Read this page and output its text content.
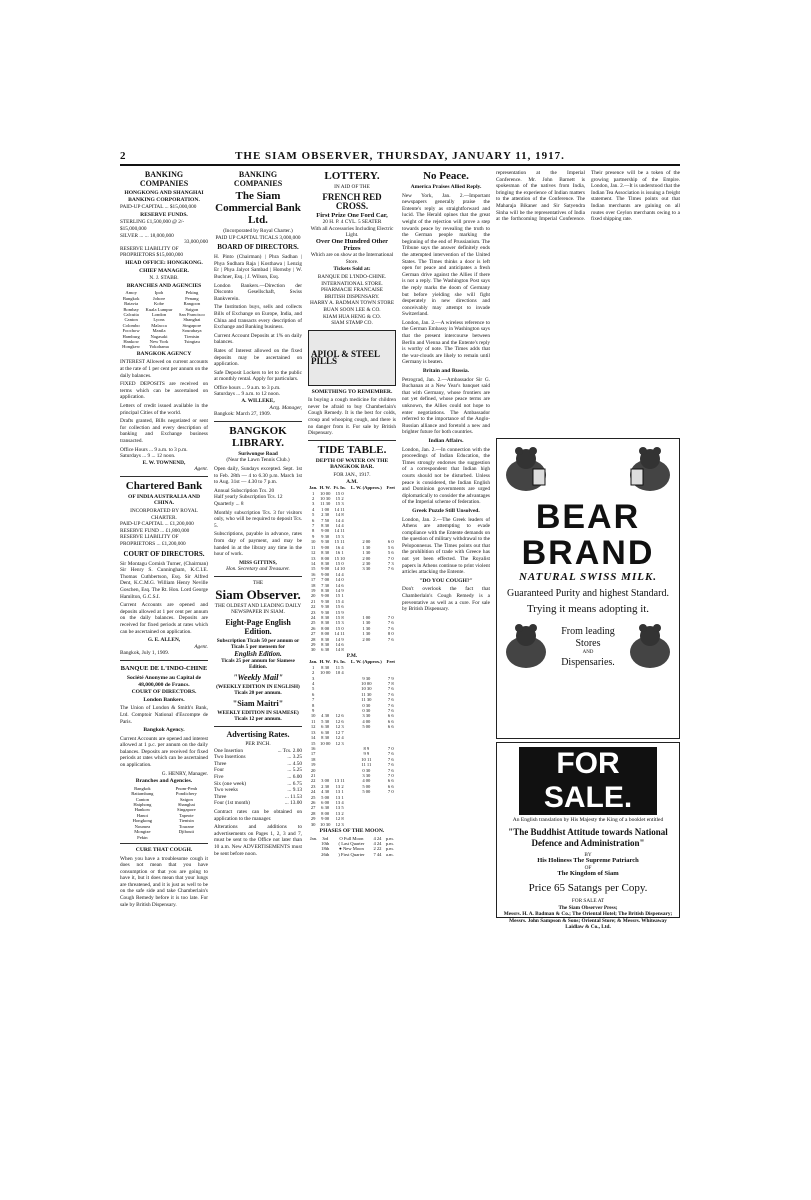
2	THE SIAM OBSERVER, THURSDAY, JANUARY 11, 1917.
BANKING COMPANIES
HONGKONG AND SHANGHAI BANKING CORPORATION.
PAID-UP CAPITAL ... $15,000,000
RESERVE FUNDS.
STERLING £1,500,000 @ 2/- $15,000,000
SILVER ... ... 18,000,000
33,000,000
RESERVE LIABILITY OF PROPRIETORS $15,000,000
HEAD OFFICE: HONGKONG.
CHIEF MANAGER.
N. J. STABB.
BRANCHES AND AGENCIES
Amoy	Ipoh	Peking
Bangkok	Johore	Penang
Batavia	Kobe	Rangoon
Bombay	Kuala Lumpur	Saigon
Calcutta	London	San Francisco
Canton	Lyons	Shanghai
Colombo	Malacca	Singapore
Foochow	Manila	Sourabaya
Hamburg	Nagasaki	Tientsin
Hankow	New York	Tsingtau
Hongkew	Yokohama	
BANGKOK AGENCY
INTEREST Allowed on current accounts at the rate of 1 per cent per annum on the daily balances.
FIXED DEPOSITS are received on terms which can be ascertained on application.
Letters of credit issued available in the principal Cities of the world.
Drafts granted, Bills negotiated or sent for collection and every description of banking and Exchange business transacted.
Office Hours ... 9 a.m. to 3 p.m.
Saturdays ... 9 ... 12 noon.
E. W. TOWNEND,
Agent.
Chartered Bank
OF INDIA AUSTRALIA AND CHINA.
INCORPORATED BY ROYAL CHARTER.
PAID-UP CAPITAL ... £1,200,000
RESERVE FUND ... £1,800,000
RESERVE LIABILITY OF PROPRIETORS ... £1,200,000
COURT OF DIRECTORS.
Sir Montagu Cornish Turner, (Chairman) Sir Henry S. Cunningham, K.C.I.E. Thomas Cuthbertson, Esq. Sir Alfred Dent, K.C.M.G. William Henry Neville Goschen, Esq. The Rt. Hon. Lord George Hamilton, G.C.S.I.
Current Accounts are opened and deposits allowed at 1 per cent per annum on the daily balances. Deposits are received for fixed periods at rates which can be ascertained on application.
G. E. ALLEN,
Agent.
Bangkok, July 1, 1909.
BANQUE DE L'INDO-CHINE
Société Anonyme au Capital de 48,000,000 de Francs.
COURT OF DIRECTORS.
London Bankers.
The Union of London & Smith's Bank, Ltd. Comptoir National d'Escompte de Paris.
Bangkok Agency.
Current Accounts are opened and interest allowed at 1 p.c. per annum on the daily balances. Deposits are received for fixed periods at rates which can be ascertained on application.
G. HENRY, Manager.
Branches and Agencies.
Bangkok	Pnom-Penh
Battambang	Pondichery
Canton	Saigon
Haiphong	Shanghai
Hankow	Singapore
Hanoi	Tapeote
Hongkong	Tientsin
Noumea	Tourane
Mongtze	Djibouti
Pekin	
CURE THAT COUGH.
When you have a troublesome cough it does not mean that you have consumption or that you are going to have it, but it does mean that your lungs are threatened, and it is just as well to be on the safe side and take Chamberlain's Cough Remedy before it is too late. For sale by British Dispensary.
BANKING COMPANIES
The Siam Commercial Bank Ltd.
(Incorporated by Royal Charter.)
PAID UP CAPITAL TICALS 3,000,000
BOARD OF DIRECTORS.
H. Pinto (Chairman) | Phra Sadhan | Phya Sudhara Raja | Kosthawa | Lenzig Er | Phya Jalyot Sambad | Hornsby | W. Buchner, Esq. | J. Wilson, Esq.
London Bankers.—Direction der Disconto Gesellschaft, Swiss Bankverein.
The Institution buys, sells and collects Bills of Exchange on Europe, India, and China and transacts every description of Exchange and Banking business.
Current Account Deposits at 1% on daily balances.
Rates of Interest allowed on the fixed deposits may be ascertained on application.
Safe Deposit Lockers to let to the public at monthly rental. Apply for particulars.
Office hours ... 9 a.m. to 3 p.m.
Saturdays ... 9 a.m. to 12 noon.
A. WILLEKE,
Actg. Manager,
Bangkok: March 27, 1909.
BANGKOK LIBRARY.
Suriwongse Road
(Near the Lawn Tennis Club.)
Open daily, Sundays excepted. Sept. 1st to Feb. 28th — 4 to 6.30 p.m. March 1st to Aug. 31st — 4.30 to 7 p.m.
Annual Subscription Tcs. 20
Half yearly Subscription Tcs. 12
Quarterly ... 8
Monthly subscription Tcs. 3 for visitors only, who will be required to deposit Tcs. 5.
Subscriptions, payable in advance, rates from day of payment, and may be handed in at the library any time in the hour of work.
MISS GITTINS,
Hon. Secretary and Treasurer.
THE
Siam Observer.
THE OLDEST AND LEADING DAILY NEWSPAPER IN SIAM.
Eight-Page English Edition.
Subscription Ticals 50 per annum or Ticals 5 per mensem for
English Edition.
Ticals 25 per annum for Siamese Edition.
"Weekly Mail"
(WEEKLY EDITION IN ENGLISH)
Ticals 20 per annum.
"Siam Maitri"
WEEKLY EDITION IN SIAMESE)
Ticals 12 per annum.
Advertising Rates.
PER INCH.
One Insertion	... Tcs. 2.00
Two Insertions	... 3.25
Three	... 4.50
Four	... 5.25
Five	... 6.00
Six (one week)	... 6.75
Two weeks	... 9.13
Three	... 11.53
Four (1st month)	... 13.00
Contract rates can be obtained on application to the manager.
Alterations and additions to advertisements on Pages 1, 2, 3 and 7, must be sent to the Office not later than 10 a.m. New ADVERTISEMENTS must be sent before noon.
LOTTERY.
IN AID OF THE
FRENCH RED CROSS.
First Prize One Ford Car,
20 H. P. 4 CYL. 5 SEATER
With all Accessories Including Electric Light.
Over One Hundred Other Prizes
Which are on show at the International Store.
Tickets Sold at:
BANQUE DE L'INDO-CHINE.
INTERNATIONAL STORE.
PHARMACIE FRANCAISE
BRITISH DISPENSARY.
HARRY A. BADMAN TOWN STORE
BUAN SOON LEE & CO.
KIAM HUA HENG & CO.
SIAM STAMP CO.
APIOL & STEEL PILLS
SOMETHING TO REMEMBER.
In buying a cough medicine for children never be afraid to buy Chamberlain's Cough Remedy. It is the best for colds, croup and whooping cough, and there is no danger from it. For sale by British Dispensary.
TIDE TABLE.
DEPTH OF WATER ON THE BANGKOK BAR.
FOR JAN., 1917.
A.M.
Jan.	H. W.	Ft. In.	L. W. (Approx.)	Feet
1	10 00	15 0		
2	10 30	15 2		
3	11 30	15 3		
4	1 00	14 11		
5	2 30	14 8		
6	7 50	14 4		
7	8 30	14 4		
8	9 00	14 11		
9	9 30	15 3		
10	9 30	15 11	2 00	6 0
11	9 00	16 4	1 30	5 6
12	8 30	16 1	1 30	5 6
13	8 00	15 10	2 00	7 0
14	8 30	15 0	2 30	7 3
15	9 00	14 10	3 30	7 6
16	9 00	14 4		
17	7 00	14 0		
18	7 30	14 6		
19	8 30	14 9		
20	9 00	15 1		
21	9 30	15 4		
22	9 30	15 6		
23	9 30	15 9		
24	8 30	15 8	1 00	7 0
25	8 30	15 3	1 30	7 6
26	8 00	15 0	1 30	7 6
27	8 00	14 11	1 30	8 0
28	8 30	14 9	2 00	7 6
29	8 30	14 6		
30	6 30	14 8		
P.M.
Jan.	H. W.	Ft. In.	L. W. (Approx.)	Feet
1	8 30	11 5		
2	10 00	10 4		
3			9 30	7 9
4			10 00	7 8
5			10 30	7 6
6			11 30	7 6
7			11 30	7 6
8			0 30	7 6
9			0 30	7 6
10	4 30	12 6	3 30	6 6
11	5 30	12 6	4 00	6 6
12	6 30	12 3	5 00	6 6
13	6 30	12 7		
14	8 30	12 4		
15	10 00	12 3		
16			8 9	7 0
17			9 9	7 6
18			10 11	7 6
19			11 11	7 6
20			0 30	7 6
21			3 30	7 0
22	3 00	13 11	4 00	6 6
23	2 30	13 2	5 00	6 6
24	4 30	13 1	5 00	7 0
25	5 00	13 1		
26	6 00	13 4		
27	6 30	13 5		
28	8 00	13 2		
29	9 00	12 8		
30	10 30	12 3		
PHASES OF THE MOON.
Jan.	3rd	O Full Moon	4 24	p.m.
	10th	( Last Quarter	4 24	p.m.
	18th	● New Moon	2 22	p.m.
	26th	) First Quarter	7 44	a.m.
No Peace.
America Praises Allied Reply.
New York, Jan. 2.—Important newspapers generally praise the Entente's reply as straightforward and lucid. The Herald opines that the great weight of the rejection will prove a step towards peace by revealing the truth to the German people marking the beginning of the end of Prussianism. The Tribune says the answer definitely ends the attempted intervention of the United States. The Times thinks a door is left open for peace and anticipates a fresh German drive against the Allies if there is not a reply. The Washington Post says the reply marks the doom of Germany but before yielding she will fight desperately in new directions and conceivably may attempt to invade Switzerland.
London, Jan. 2.—A wireless reference to the German Embassy in Washington says that the present intercourse between Berlin and Vienna and the Entente's reply is worthy of note. The Times adds that the war-clouds are likely to remain until Germany is beaten.
Britain and Russia.
Petrograd, Jan. 2.—Ambassador Sir G. Buchanan at a New Year's banquet said that with Germany, whose frontiers are not yet defined, whose peace terms are unknown, the Allies could not hope to enter negotiations. The Ambassador referred to the importance of the Anglo-Russian alliance and foretold a new and brighter future for both countries.
Indian Affairs.
London, Jan. 2.—In connection with the proceedings of Indian Education, the Times strongly endorses the suggestion of a correspondent that Indian high courts should not be disturbed. Unless peace is considered, the Indian English and Dominion governments are urged diplomatically to consider the advantages of the Imperial scheme of federation.
Greek Puzzle Still Unsolved.
London, Jan. 2.—The Greek leaders of Athens are attempting to evade compliance with the Entente demands on the question of military withdrawal to the Peloponnesus. The Times points out that the prohibition of trade with Greece has not yet been effected. The Royalist papers in Athens continue to print violent articles attacking the Entente.
"DO YOU COUGH?"
Don't overlook the fact that Chamberlain's Cough Remedy is a preventative as well as a cure. For sale by British Dispensary.
representation at the Imperial Conference. Mr. John Barnett is spokesman of the natives from India, bringing the experience of Indian matters to the attention of the Conference. The Maharaja Bikaner and Sir Satyendra Sinha will be the representatives of India at the forthcoming Imperial Conference. Their presence will be a token of the growing partnership of the Empire. London, Jan. 2.—It is understood that the Indian Tea Association is issuing a freight statement. The Times points out that Indian merchants are gaining on all routes over Ceylon merchants owing to a fixed shipping rate.
BEAR BRAND
NATURAL SWISS MILK.
Guaranteed Purity and highest Standard.
Trying it means adopting it.
From leading Stores
AND
Dispensaries.
FOR SALE.
An English translation by His Majesty the King of a booklet entitled
"The Buddhist Attitude towards National Defence and Administration"
BY
His Holiness The Supreme Patriarch
OF
The Kingdom of Siam
Price 65 Satangs per Copy.
FOR SALE AT
The Siam Observer Press;
Messrs. H. A. Badman & Co.; The Oriental Hotel; The British Dispensary; Messrs. John Sampson & Sons; Oriental Store; & Messrs. Whiteaway Laidlaw & Co., Ltd.
